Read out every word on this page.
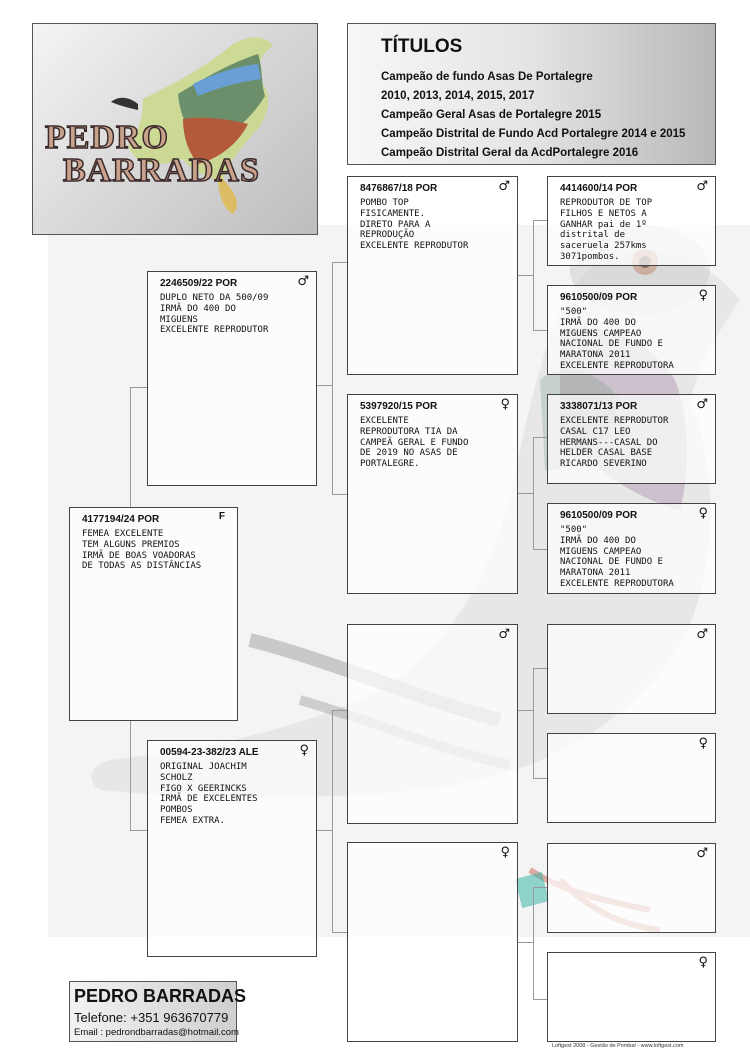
PEDRO
BARRADAS
TÍTULOS
Campeão de fundo Asas De Portalegre
2010, 2013, 2014, 2015, 2017
Campeão Geral Asas de Portalegre 2015
Campeão Distrital de Fundo Acd Portalegre 2014 e 2015
Campeão Distrital Geral da AcdPortalegre 2016
4177194/24 POR	F
FEMEA EXCELENTE
TEM ALGUNS PREMIOS
IRMÃ DE BOAS VOADORAS
DE TODAS AS DISTÂNCIAS
2246509/22 POR	♂
DUPLO NETO DA 500/09
IRMÃ DO 400 DO
MIGUENS
EXCELENTE REPRODUTOR
00594-23-382/23 ALE	♀
ORIGINAL JOACHIM
SCHOLZ
FIGO X GEERINCKS
IRMÃ DE EXCELENTES
POMBOS
FEMEA EXTRA.
8476867/18 POR	♂
POMBO TOP
FISICAMENTE.
DIRETO PARA A
REPRODUÇÃO
EXCELENTE REPRODUTOR
5397920/15 POR	♀
EXCELENTE
REPRODUTORA TIA DA
CAMPEÃ GERAL E FUNDO
DE 2019 NO ASAS DE
PORTALEGRE.
♂
♀
4414600/14 POR	♂
REPRODUTOR DE TOP
FILHOS E NETOS A
GANHAR pai de 1º
distrital de
saceruela 257kms
3071pombos.
9610500/09 POR	♀
"500"
IRMÃ DO 400 DO
MIGUENS CAMPEAO
NACIONAL DE FUNDO E
MARATONA 2011
EXCELENTE REPRODUTORA
3338071/13 POR	♂
EXCELENTE REPRODUTOR
CASAL C17 LEO
HERMANS---CASAL DO
HELDER CASAL BASE
RICARDO SEVERINO
9610500/09 POR	♀
"500"
IRMÃ DO 400 DO
MIGUENS CAMPEAO
NACIONAL DE FUNDO E
MARATONA 2011
EXCELENTE REPRODUTORA
♂
♀
♂
♀
PEDRO BARRADAS
Telefone: +351 963670779
Email : pedrondbarradas@hotmail.com
Loftgest 2008 - Gestão de Pombal - www.loftgest.com
